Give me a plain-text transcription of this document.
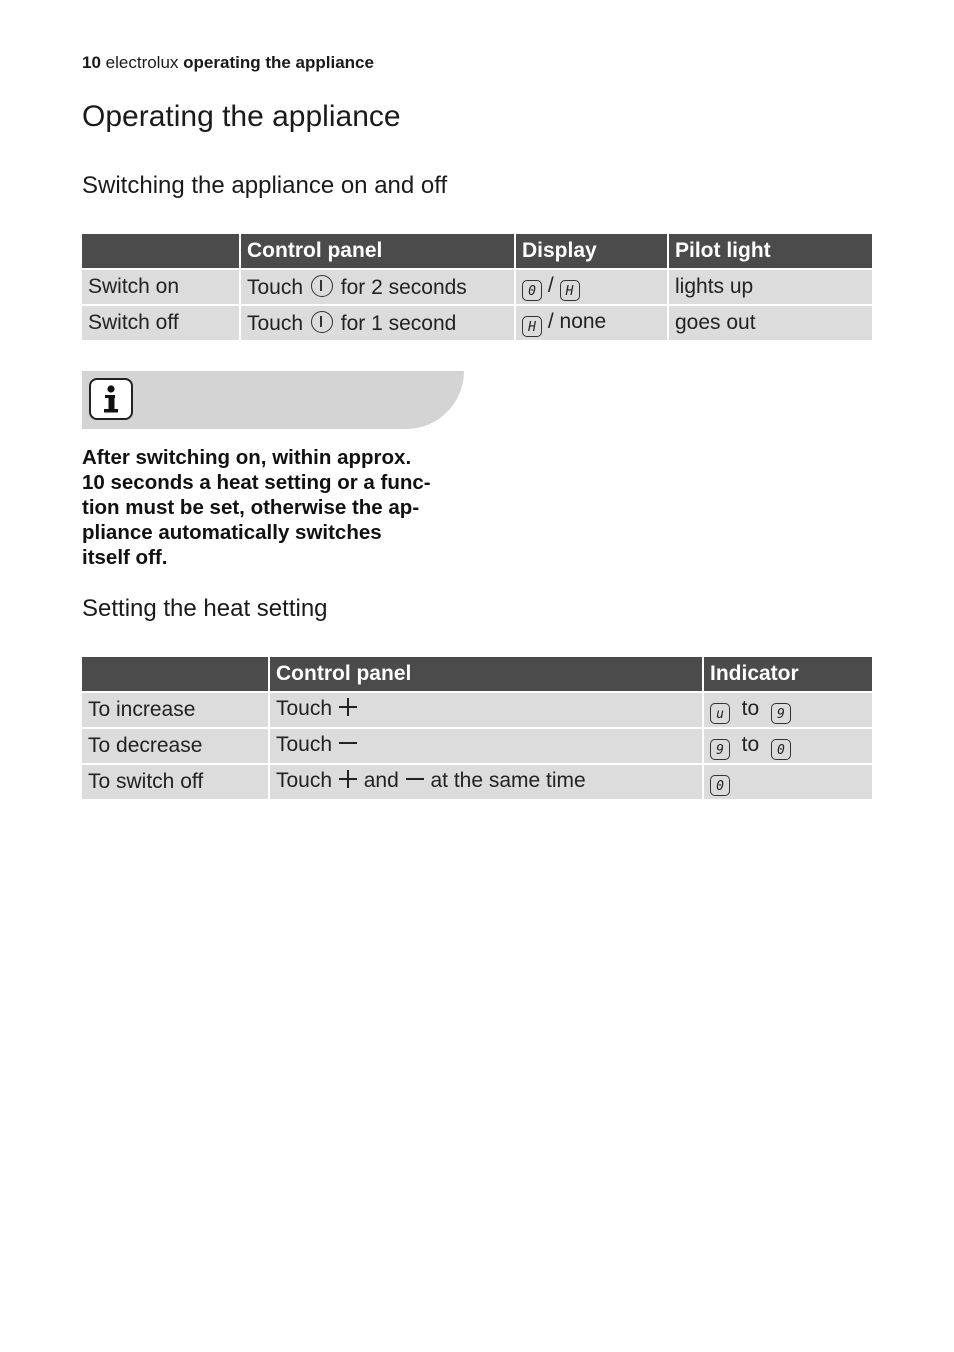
10 electrolux operating the appliance
Operating the appliance
Switching the appliance on and off
	Control panel	Display	Pilot light
Switch on	Touch for 2 seconds	0 / H	lights up
Switch off	Touch for 1 second	H / none	goes out
After switching on, within approx.
10 seconds a heat setting or a func-
tion must be set, otherwise the ap-
pliance automatically switches
itself off.
Setting the heat setting
	Control panel	Indicator
To increase	Touch	u to 9
To decrease	Touch	9 to 0
To switch off	Touch and at the same time	0
